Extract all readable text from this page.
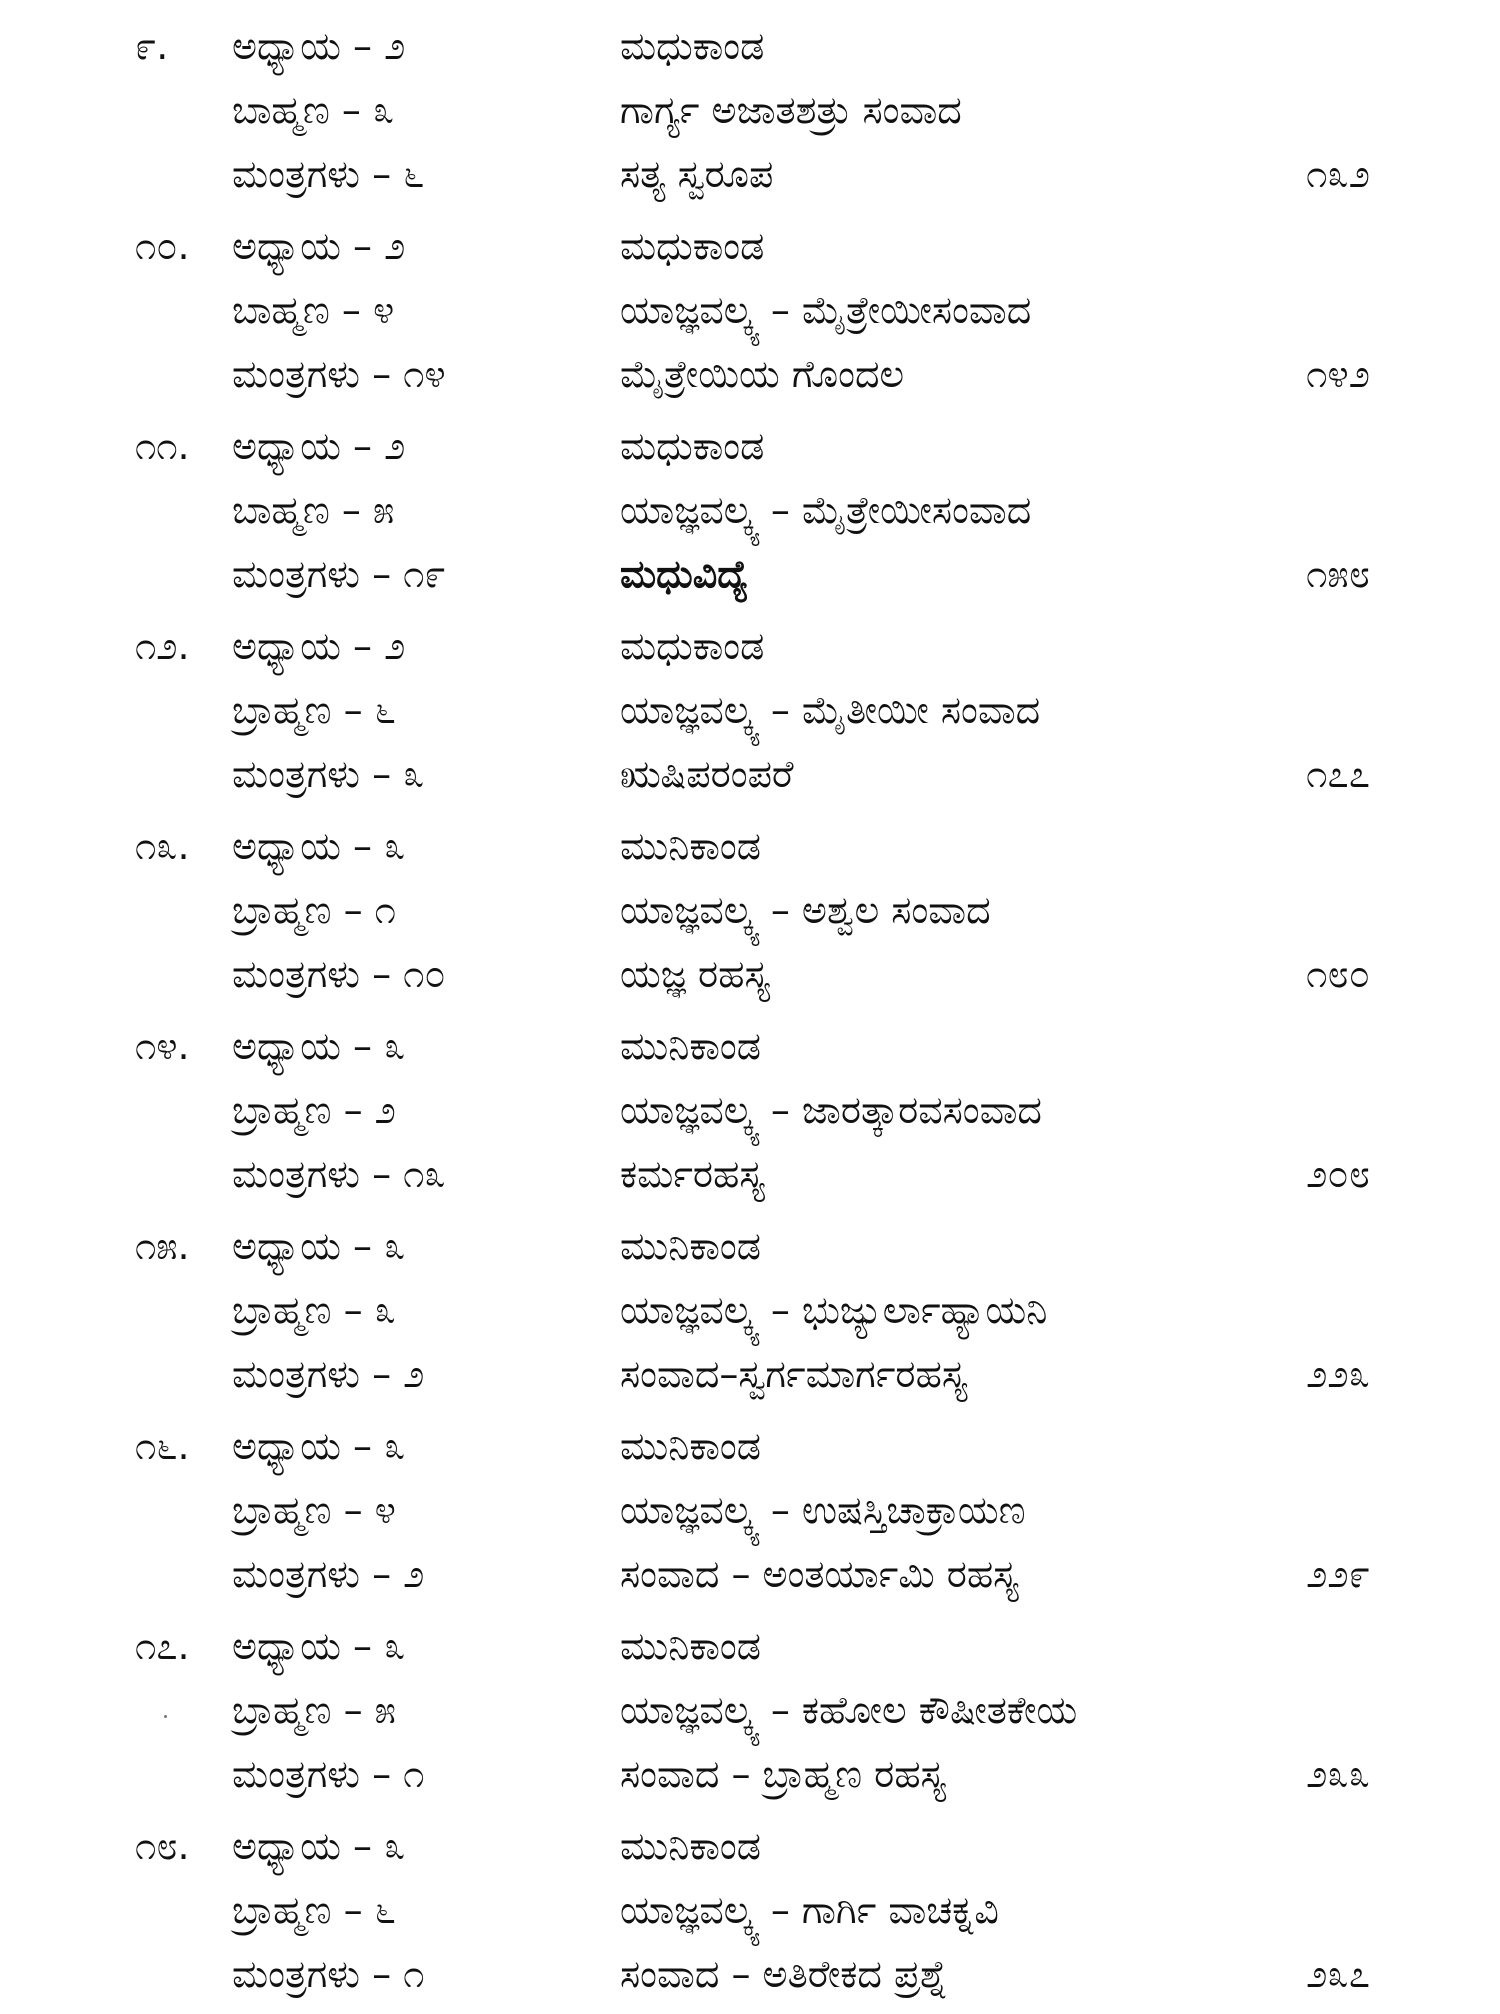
೯.	ಅಧ್ಯಾಯ – ೨	ಮಧುಕಾಂಡ
ಬಾಹ್ಮಣ – ೩	ಗಾರ್ಗ್ಯ ಅಜಾತಶತ್ರು ಸಂವಾದ
ಮಂತ್ರಗಳು – ೬	ಸತ್ಯ ಸ್ವರೂಪ	೧೩೨
೧೦.	ಅಧ್ಯಾಯ – ೨	ಮಧುಕಾಂಡ
ಬಾಹ್ಮಣ – ೪	ಯಾಜ್ಞವಲ್ಕ್ಯ – ಮೈತ್ರೇಯೀಸಂವಾದ
ಮಂತ್ರಗಳು – ೧೪	ಮೈತ್ರೇಯಿಯ ಗೊಂದಲ	೧೪೨
೧೧.	ಅಧ್ಯಾಯ – ೨	ಮಧುಕಾಂಡ
ಬಾಹ್ಮಣ – ೫	ಯಾಜ್ಞವಲ್ಕ್ಯ – ಮೈತ್ರೇಯೀಸಂವಾದ
ಮಂತ್ರಗಳು – ೧೯	ಮಧುವಿದ್ಯೆ	೧೫೮
೧೨.	ಅಧ್ಯಾಯ – ೨	ಮಧುಕಾಂಡ
ಬ್ರಾಹ್ಮಣ – ೬	ಯಾಜ್ಞವಲ್ಕ್ಯ – ಮೈತೀಯೀ ಸಂವಾದ
ಮಂತ್ರಗಳು – ೩	ಋಷಿಪರಂಪರೆ	೧೭೭
೧೩.	ಅಧ್ಯಾಯ – ೩	ಮುನಿಕಾಂಡ
ಬ್ರಾಹ್ಮಣ – ೧	ಯಾಜ್ಞವಲ್ಕ್ಯ – ಅಶ್ವಲ ಸಂವಾದ
ಮಂತ್ರಗಳು – ೧೦	ಯಜ್ಞ ರಹಸ್ಯ	೧೮೦
೧೪.	ಅಧ್ಯಾಯ – ೩	ಮುನಿಕಾಂಡ
ಬ್ರಾಹ್ಮಣ – ೨	ಯಾಜ್ಞವಲ್ಕ್ಯ – ಜಾರತ್ಕಾರವಸಂವಾದ
ಮಂತ್ರಗಳು – ೧೩	ಕರ್ಮರಹಸ್ಯ	೨೦೮
೧೫.	ಅಧ್ಯಾಯ – ೩	ಮುನಿಕಾಂಡ
ಬ್ರಾಹ್ಮಣ – ೩	ಯಾಜ್ಞವಲ್ಕ್ಯ – ಭುಜ್ಯುರ್ಲಾಹ್ಯಾಯನಿ
ಮಂತ್ರಗಳು – ೨	ಸಂವಾದ–ಸ್ವರ್ಗಮಾರ್ಗರಹಸ್ಯ	೨೨೩
೧೬.	ಅಧ್ಯಾಯ – ೩	ಮುನಿಕಾಂಡ
ಬ್ರಾಹ್ಮಣ – ೪	ಯಾಜ್ಞವಲ್ಕ್ಯ – ಉಷಸ್ತಿಚಾಕ್ರಾಯಣ
ಮಂತ್ರಗಳು – ೨	ಸಂವಾದ – ಅಂತರ್ಯಾಮಿ ರಹಸ್ಯ	೨೨೯
೧೭.	ಅಧ್ಯಾಯ – ೩	ಮುನಿಕಾಂಡ
ಬ್ರಾಹ್ಮಣ – ೫	ಯಾಜ್ಞವಲ್ಕ್ಯ – ಕಹೋಲ ಕೌಷೀತಕೇಯ
ಮಂತ್ರಗಳು – ೧	ಸಂವಾದ – ಬ್ರಾಹ್ಮಣ ರಹಸ್ಯ	೨೩೩
೧೮.	ಅಧ್ಯಾಯ – ೩	ಮುನಿಕಾಂಡ
ಬ್ರಾಹ್ಮಣ – ೬	ಯಾಜ್ಞವಲ್ಕ್ಯ – ಗಾರ್ಗಿ ವಾಚಕ್ನವಿ
ಮಂತ್ರಗಳು – ೧	ಸಂವಾದ – ಅತಿರೇಕದ ಪ್ರಶ್ನೆ	೨೩೭
